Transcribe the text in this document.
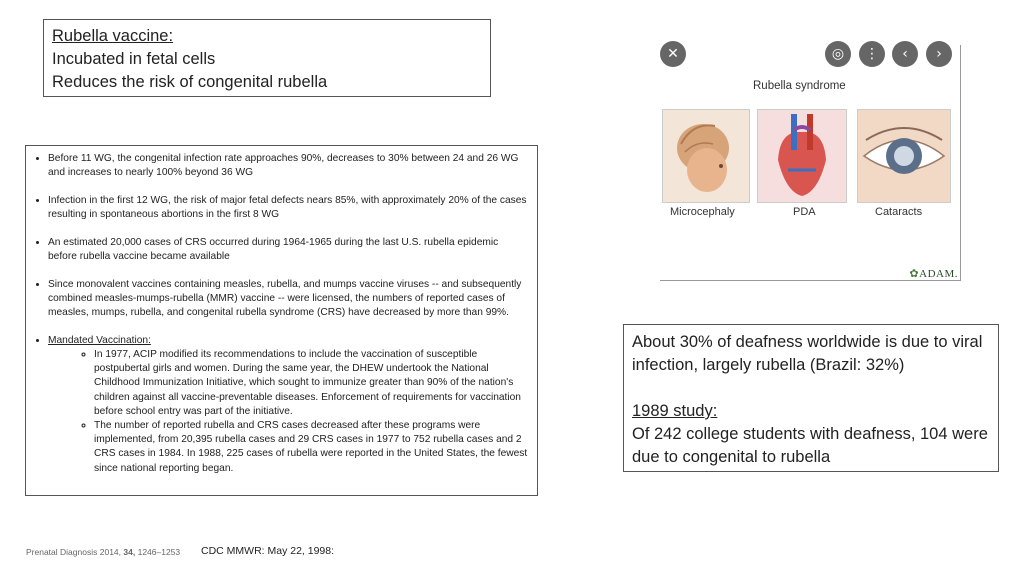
Rubella vaccine:
Incubated in fetal cells
Reduces the risk of congenital rubella
• Before 11 WG, the congenital infection rate approaches 90%, decreases to 30% between 24 and 26 WG and increases to nearly 100% beyond 36 WG
• Infection in the first 12 WG, the risk of major fetal defects nears 85%, with approximately 20% of the cases resulting in spontaneous abortions in the first 8 WG
• An estimated 20,000 cases of CRS occurred during 1964-1965 during the last U.S. rubella epidemic before rubella vaccine became available
• Since monovalent vaccines containing measles, rubella, and mumps vaccine viruses -- and subsequently combined measles-mumps-rubella (MMR) vaccine -- were licensed, the numbers of reported cases of measles, mumps, rubella, and congenital rubella syndrome (CRS) have decreased by more than 99%.
• Mandated Vaccination:
◦ In 1977, ACIP modified its recommendations to include the vaccination of susceptible postpubertal girls and women. During the same year, the DHEW undertook the National Childhood Immunization Initiative, which sought to immunize greater than 90% of the nation's children against all vaccine-preventable diseases. Enforcement of requirements for vaccination before school entry was part of the initiative.
◦ The number of reported rubella and CRS cases decreased after these programs were implemented, from 20,395 rubella cases and 29 CRS cases in 1977 to 752 rubella cases and 2 CRS cases in 1984. In 1988, 225 cases of rubella were reported in the United States, the fewest since national reporting began.
✕	◎	⋮	‹	›
Rubella syndrome
Microcephaly	PDA	Cataracts
✿ADAM.

About 30% of deafness worldwide is due to viral infection, largely rubella (Brazil: 32%)

1989 study:

Of 242 college students with deafness, 104 were due to congenital to rubella

Prenatal Diagnosis 2014, 34, 1246–1253 CDC MMWR: May 22, 1998:
